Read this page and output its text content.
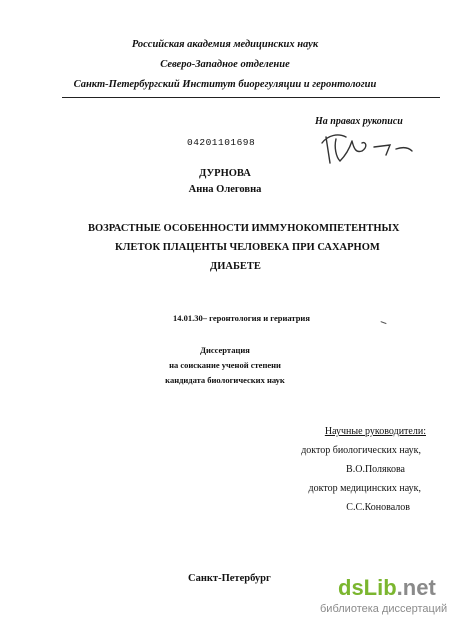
Российская академия медицинских наук
Северо-Западное отделение
Санкт-Петербургский Институт биорегуляции и геронтологии
На правах рукописи
04201101698
ДУРНОВА
Анна Олеговна
ВОЗРАСТНЫЕ ОСОБЕННОСТИ ИММУНОКОМПЕТЕНТНЫХ
КЛЕТОК ПЛАЦЕНТЫ ЧЕЛОВЕКА ПРИ САХАРНОМ
ДИАБЕТЕ
14.01.30– геронтология и гериатрия
Диссертация
на соискание ученой степени
кандидата биологических наук
Научные руководители:
доктор биологических наук,
В.О.Полякова
доктор медицинских наук,
С.С.Коновалов
Санкт-Петербург	dsLib.net
библиотека диссертаций
